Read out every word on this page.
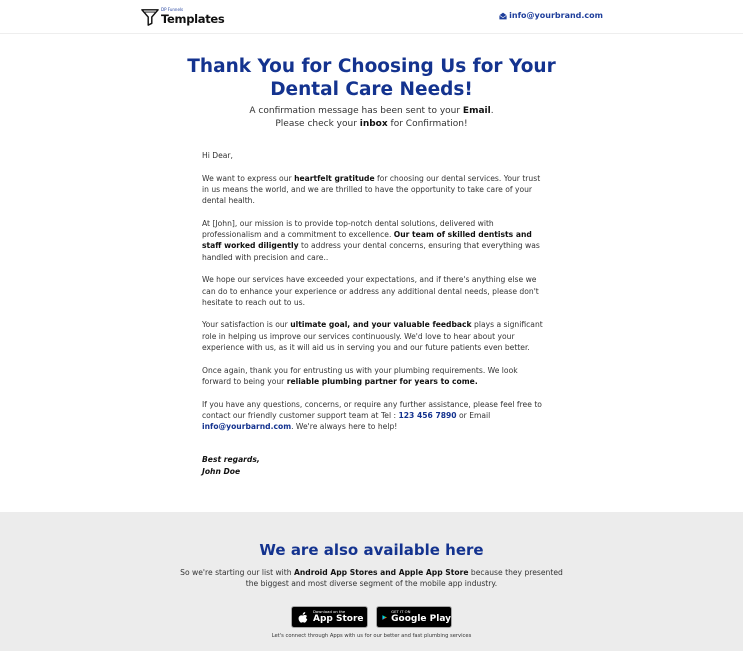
DP Funnels
Templates	info@yourbrand.com
Thank You for Choosing Us for Your
Dental Care Needs!
A confirmation message has been sent to your Email.
Please check your inbox for Confirmation!

Hi Dear,

We want to express our heartfelt gratitude for choosing our dental services. Your trust in us means the world, and we are thrilled to have the opportunity to take care of your dental health.

At [John], our mission is to provide top-notch dental solutions, delivered with professionalism and a commitment to excellence. Our team of skilled dentists and staff worked diligently to address your dental concerns, ensuring that everything was handled with precision and care..

We hope our services have exceeded your expectations, and if there's anything else we can do to enhance your experience or address any additional dental needs, please don't hesitate to reach out to us.

Your satisfaction is our ultimate goal, and your valuable feedback plays a significant role in helping us improve our services continuously. We'd love to hear about your experience with us, as it will aid us in serving you and our future patients even better.

Once again, thank you for entrusting us with your plumbing requirements. We look forward to being your reliable plumbing partner for years to come.

If you have any questions, concerns, or require any further assistance, please feel free to contact our friendly customer support team at Tel : 123 456 7890 or Email info@yourbarnd.com. We're always here to help!

Best regards,
John Doe
We are also available here

So we're starting our list with Android App Stores and Apple App Store because they presented the biggest and most diverse segment of the mobile app industry.

Download on the
App Store
GET IT ON
Google Play

Let's connect through Apps with us for our better and fast plumbing services
